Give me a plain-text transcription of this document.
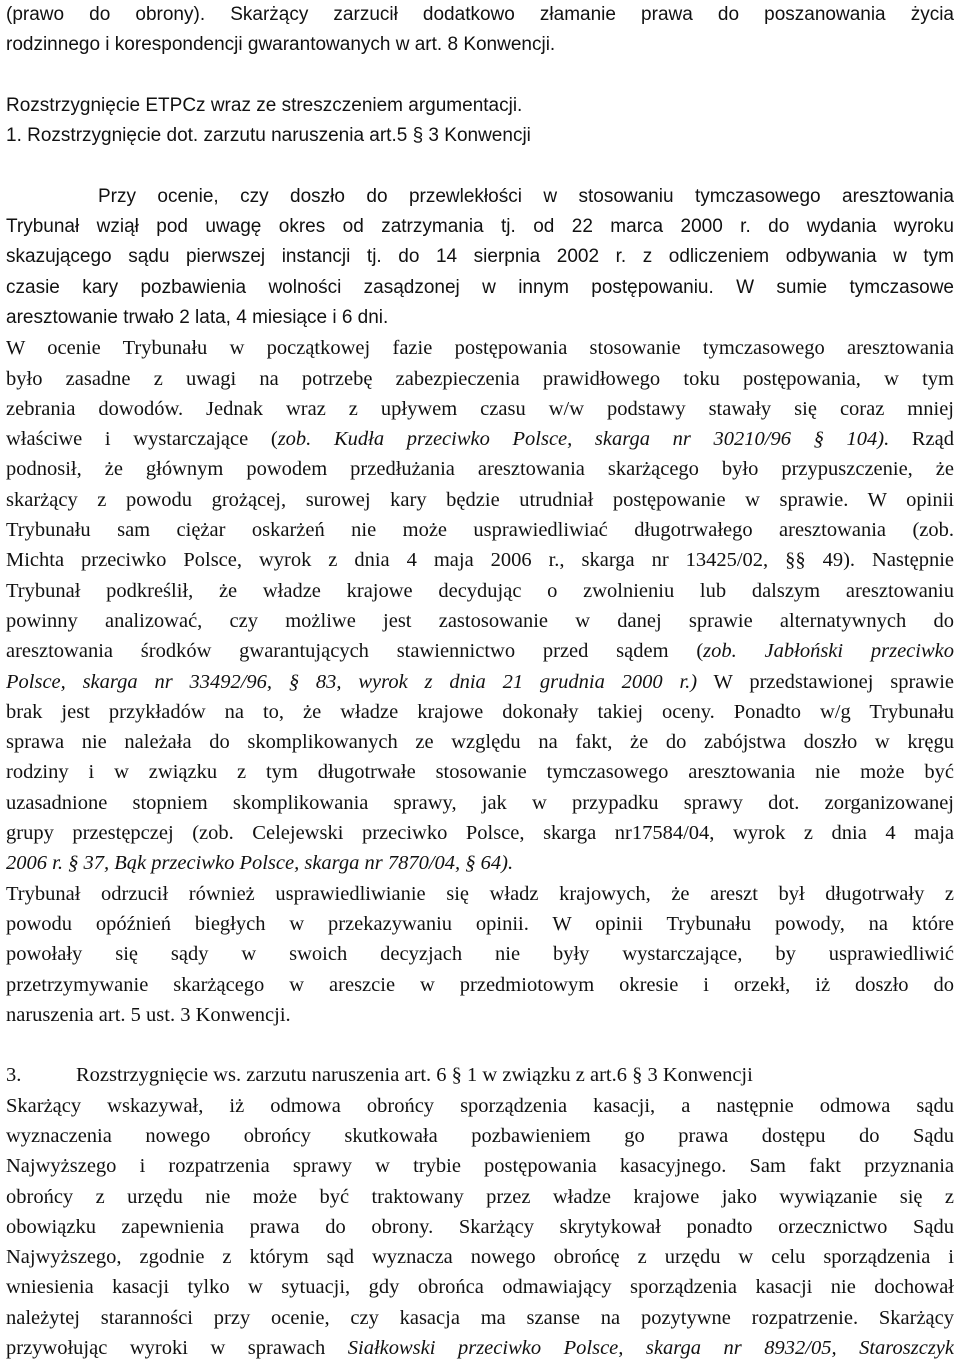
(prawo do obrony). Skarżący zarzucił dodatkowo złamanie prawa do poszanowania życia
rodzinnego i korespondencji gwarantowanych w art. 8 Konwencji.
Rozstrzygnięcie ETPCz wraz ze streszczeniem argumentacji.
1. Rozstrzygnięcie dot. zarzutu naruszenia art.5 § 3 Konwencji
Przy ocenie, czy doszło do przewlekłości w stosowaniu tymczasowego aresztowania
Trybunał wziął pod uwagę okres od zatrzymania tj. od 22 marca 2000 r. do wydania wyroku
skazującego sądu pierwszej instancji tj. do 14 sierpnia 2002 r. z odliczeniem odbywania w tym
czasie kary pozbawienia wolności zasądzonej w innym postępowaniu. W sumie tymczasowe
aresztowanie trwało 2 lata, 4 miesiące i 6 dni.
W ocenie Trybunału w początkowej fazie postępowania stosowanie tymczasowego aresztowania
było zasadne z uwagi na potrzebę zabezpieczenia prawidłowego toku postępowania, w tym
zebrania dowodów. Jednak wraz z upływem czasu w/w podstawy stawały się coraz mniej
właściwe i wystarczające (zob. Kudła przeciwko Polsce, skarga nr 30210/96 § 104). Rząd
podnosił, że głównym powodem przedłużania aresztowania skarżącego było przypuszczenie, że
skarżący z powodu grożącej, surowej kary będzie utrudniał postępowanie w sprawie. W opinii
Trybunału sam ciężar oskarżeń nie może usprawiedliwiać długotrwałego aresztowania (zob.
Michta przeciwko Polsce, wyrok z dnia 4 maja 2006 r., skarga nr 13425/02, §§ 49). Następnie
Trybunał podkreślił, że władze krajowe decydując o zwolnieniu lub dalszym aresztowaniu
powinny analizować, czy możliwe jest zastosowanie w danej sprawie alternatywnych do
aresztowania środków gwarantujących stawiennictwo przed sądem (zob. Jabłoński przeciwko
Polsce, skarga nr 33492/96, § 83, wyrok z dnia 21 grudnia 2000 r.) W przedstawionej sprawie
brak jest przykładów na to, że władze krajowe dokonały takiej oceny. Ponadto w/g Trybunału
sprawa nie należała do skomplikowanych ze względu na fakt, że do zabójstwa doszło w kręgu
rodziny i w związku z tym długotrwałe stosowanie tymczasowego aresztowania nie może być
uzasadnione stopniem skomplikowania sprawy, jak w przypadku sprawy dot. zorganizowanej
grupy przestępczej (zob. Celejewski przeciwko Polsce, skarga nr17584/04, wyrok z dnia 4 maja
2006 r. § 37, Bąk przeciwko Polsce, skarga nr 7870/04, § 64).
Trybunał odrzucił również usprawiedliwianie się władz krajowych, że areszt był długotrwały z
powodu opóźnień biegłych w przekazywaniu opinii. W opinii Trybunału powody, na które
powołały się sądy w swoich decyzjach nie były wystarczające, by usprawiedliwić
przetrzymywanie skarżącego w areszcie w przedmiotowym okresie i orzekł, iż doszło do
naruszenia art. 5 ust. 3 Konwencji.
3.	Rozstrzygnięcie ws. zarzutu naruszenia art. 6 § 1 w związku z art.6 § 3 Konwencji
Skarżący wskazywał, iż odmowa obrońcy sporządzenia kasacji, a następnie odmowa sądu
wyznaczenia nowego obrońcy skutkowała pozbawieniem go prawa dostępu do Sądu
Najwyższego i rozpatrzenia sprawy w trybie postępowania kasacyjnego. Sam fakt przyznania
obrońcy z urzędu nie może być traktowany przez władze krajowe jako wywiązanie się z
obowiązku zapewnienia prawa do obrony. Skarżący skrytykował ponadto orzecznictwo Sądu
Najwyższego, zgodnie z którym sąd wyznacza nowego obrońcę z urzędu w celu sporządzenia i
wniesienia kasacji tylko w sytuacji, gdy obrońca odmawiający sporządzenia kasacji nie dochował
należytej staranności przy ocenie, czy kasacja ma szanse na pozytywne rozpatrzenie. Skarżący
przywołując wyroki w sprawach Siałkowski przeciwko Polsce, skarga nr 8932/05, Staroszczyk
